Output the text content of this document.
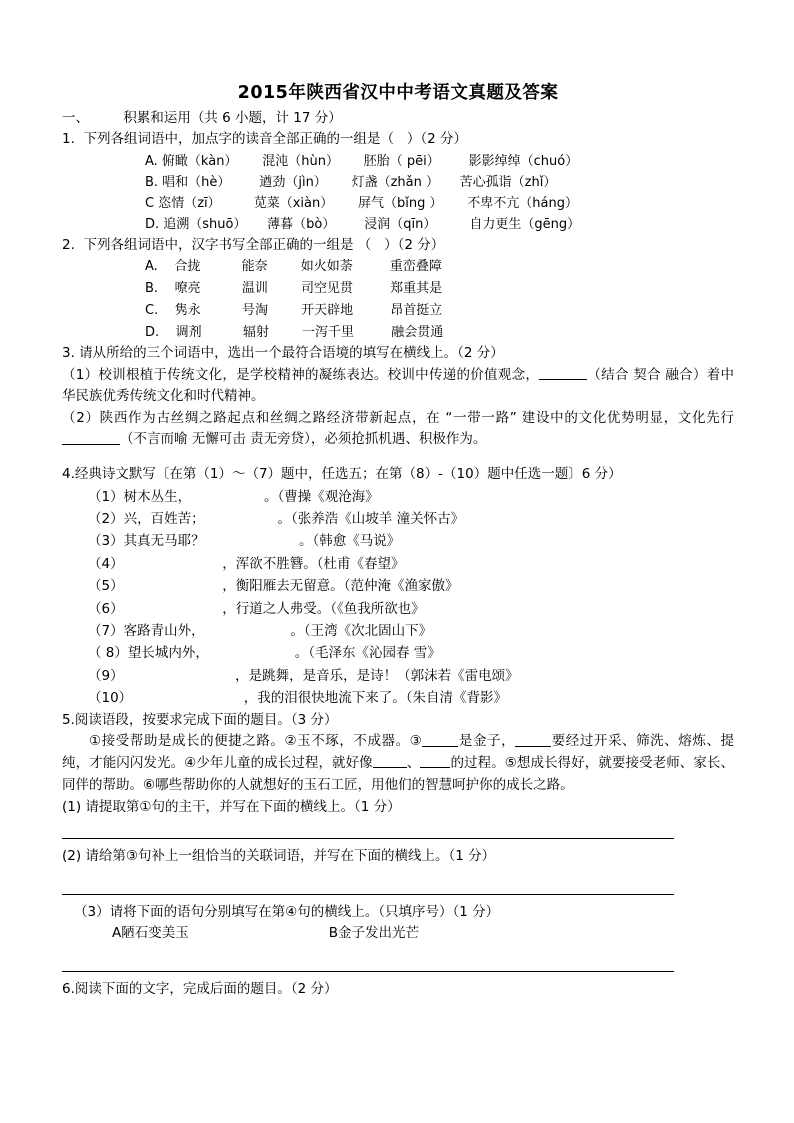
2015年陕西省汉中中考语文真题及答案

一、        积累和运用（共 6 小题，计 17 分）

1.  下列各组词语中，加点字的读音全部正确的一组是（   ）（2 分）

A. 俯瞰（kàn）      混沌（hùn）      胚胎（ pēi）       影影绰绰（chuó）

B. 唱和（hè）       遒劲（jìn）      灯盏（zhǎn ）     苦心孤诣（zhǐ）

C 恣情（zī）        苋菜（xiàn）      屏气（bǐng ）      不卑不亢（háng）

D. 追溯（shuō）     薄暮（bò）       浸润（qīn）        自力更生（gēng）

2.  下列各组词语中，汉字书写全部正确的一组是 （   ）（2 分）

A.    合拢          能奈        如火如荼         重峦叠障

B.    嘹亮          温训        司空见贯         郑重其是

C.    隽永          号淘        开天辟地         昂首挺立

D.    调剂          辐射        一泻千里         融会贯通

3. 请从所给的三个词语中，选出一个最符合语境的填写在横线上。（2 分）

（1）校训根植于传统文化，是学校精神的凝练表达。校训中传递的价值观念，	（结合 契合 融合）着中华民族优秀传统文化和时代精神。

（2）陕西作为古丝绸之路起点和丝绸之路经济带新起点，在 “一带一路” 建设中的文化优势明显，文化先行（不言而喻 无懈可击 责无旁贷），必须抢抓机遇、积极作为。

4.经典诗文默写〔在第（1）～（7）题中，任选五；在第（8）-（10）题中任选一题〕6 分）

（1）树木丛生，                 。（曹操《观沧海》

（2）兴，百姓苦；                 。（张养浩《山坡羊 潼关怀古》

（3）其真无马耶？                      。（韩愈《马说》

（4）                       ，浑欲不胜簪。（杜甫《春望》

（5）                       ，衡阳雁去无留意。（范仲淹《渔家傲》

（6）                       ，行道之人弗受。（《鱼我所欲也》

（7）客路青山外，                    。（王湾《次北固山下》

（ 8）望长城内外，                    。（毛泽东《沁园春 雪》

（9）                          ，是跳舞，是音乐，是诗！（郭沫若《雷电颂》

（10）                          ，我的泪很快地流下来了。（朱自清《背影》

5.阅读语段，按要求完成下面的题目。（3 分）

①接受帮助是成长的便捷之路。②玉不琢，不成器。③	是金子，	要经过开采、筛洗、熔炼、提纯，才能闪闪发光。④少年儿童的成长过程，就好像	、 的过程。⑤想成长得好，就要接受老师、家长、同伴的帮助。⑥哪些帮助你的人就想好的玉石工匠，用他们的智慧呵护你的成长之路。

(1) 请提取第①句的主干，并写在下面的横线上。（1 分）

(2) 请给第③句补上一组恰当的关联词语，并写在下面的横线上。（1 分）

（3）请将下面的语句分别填写在第④句的横线上。（只填序号）（1 分）

A陋石变美玉	B金子发出光芒

6.阅读下面的文字，完成后面的题目。（2 分）
